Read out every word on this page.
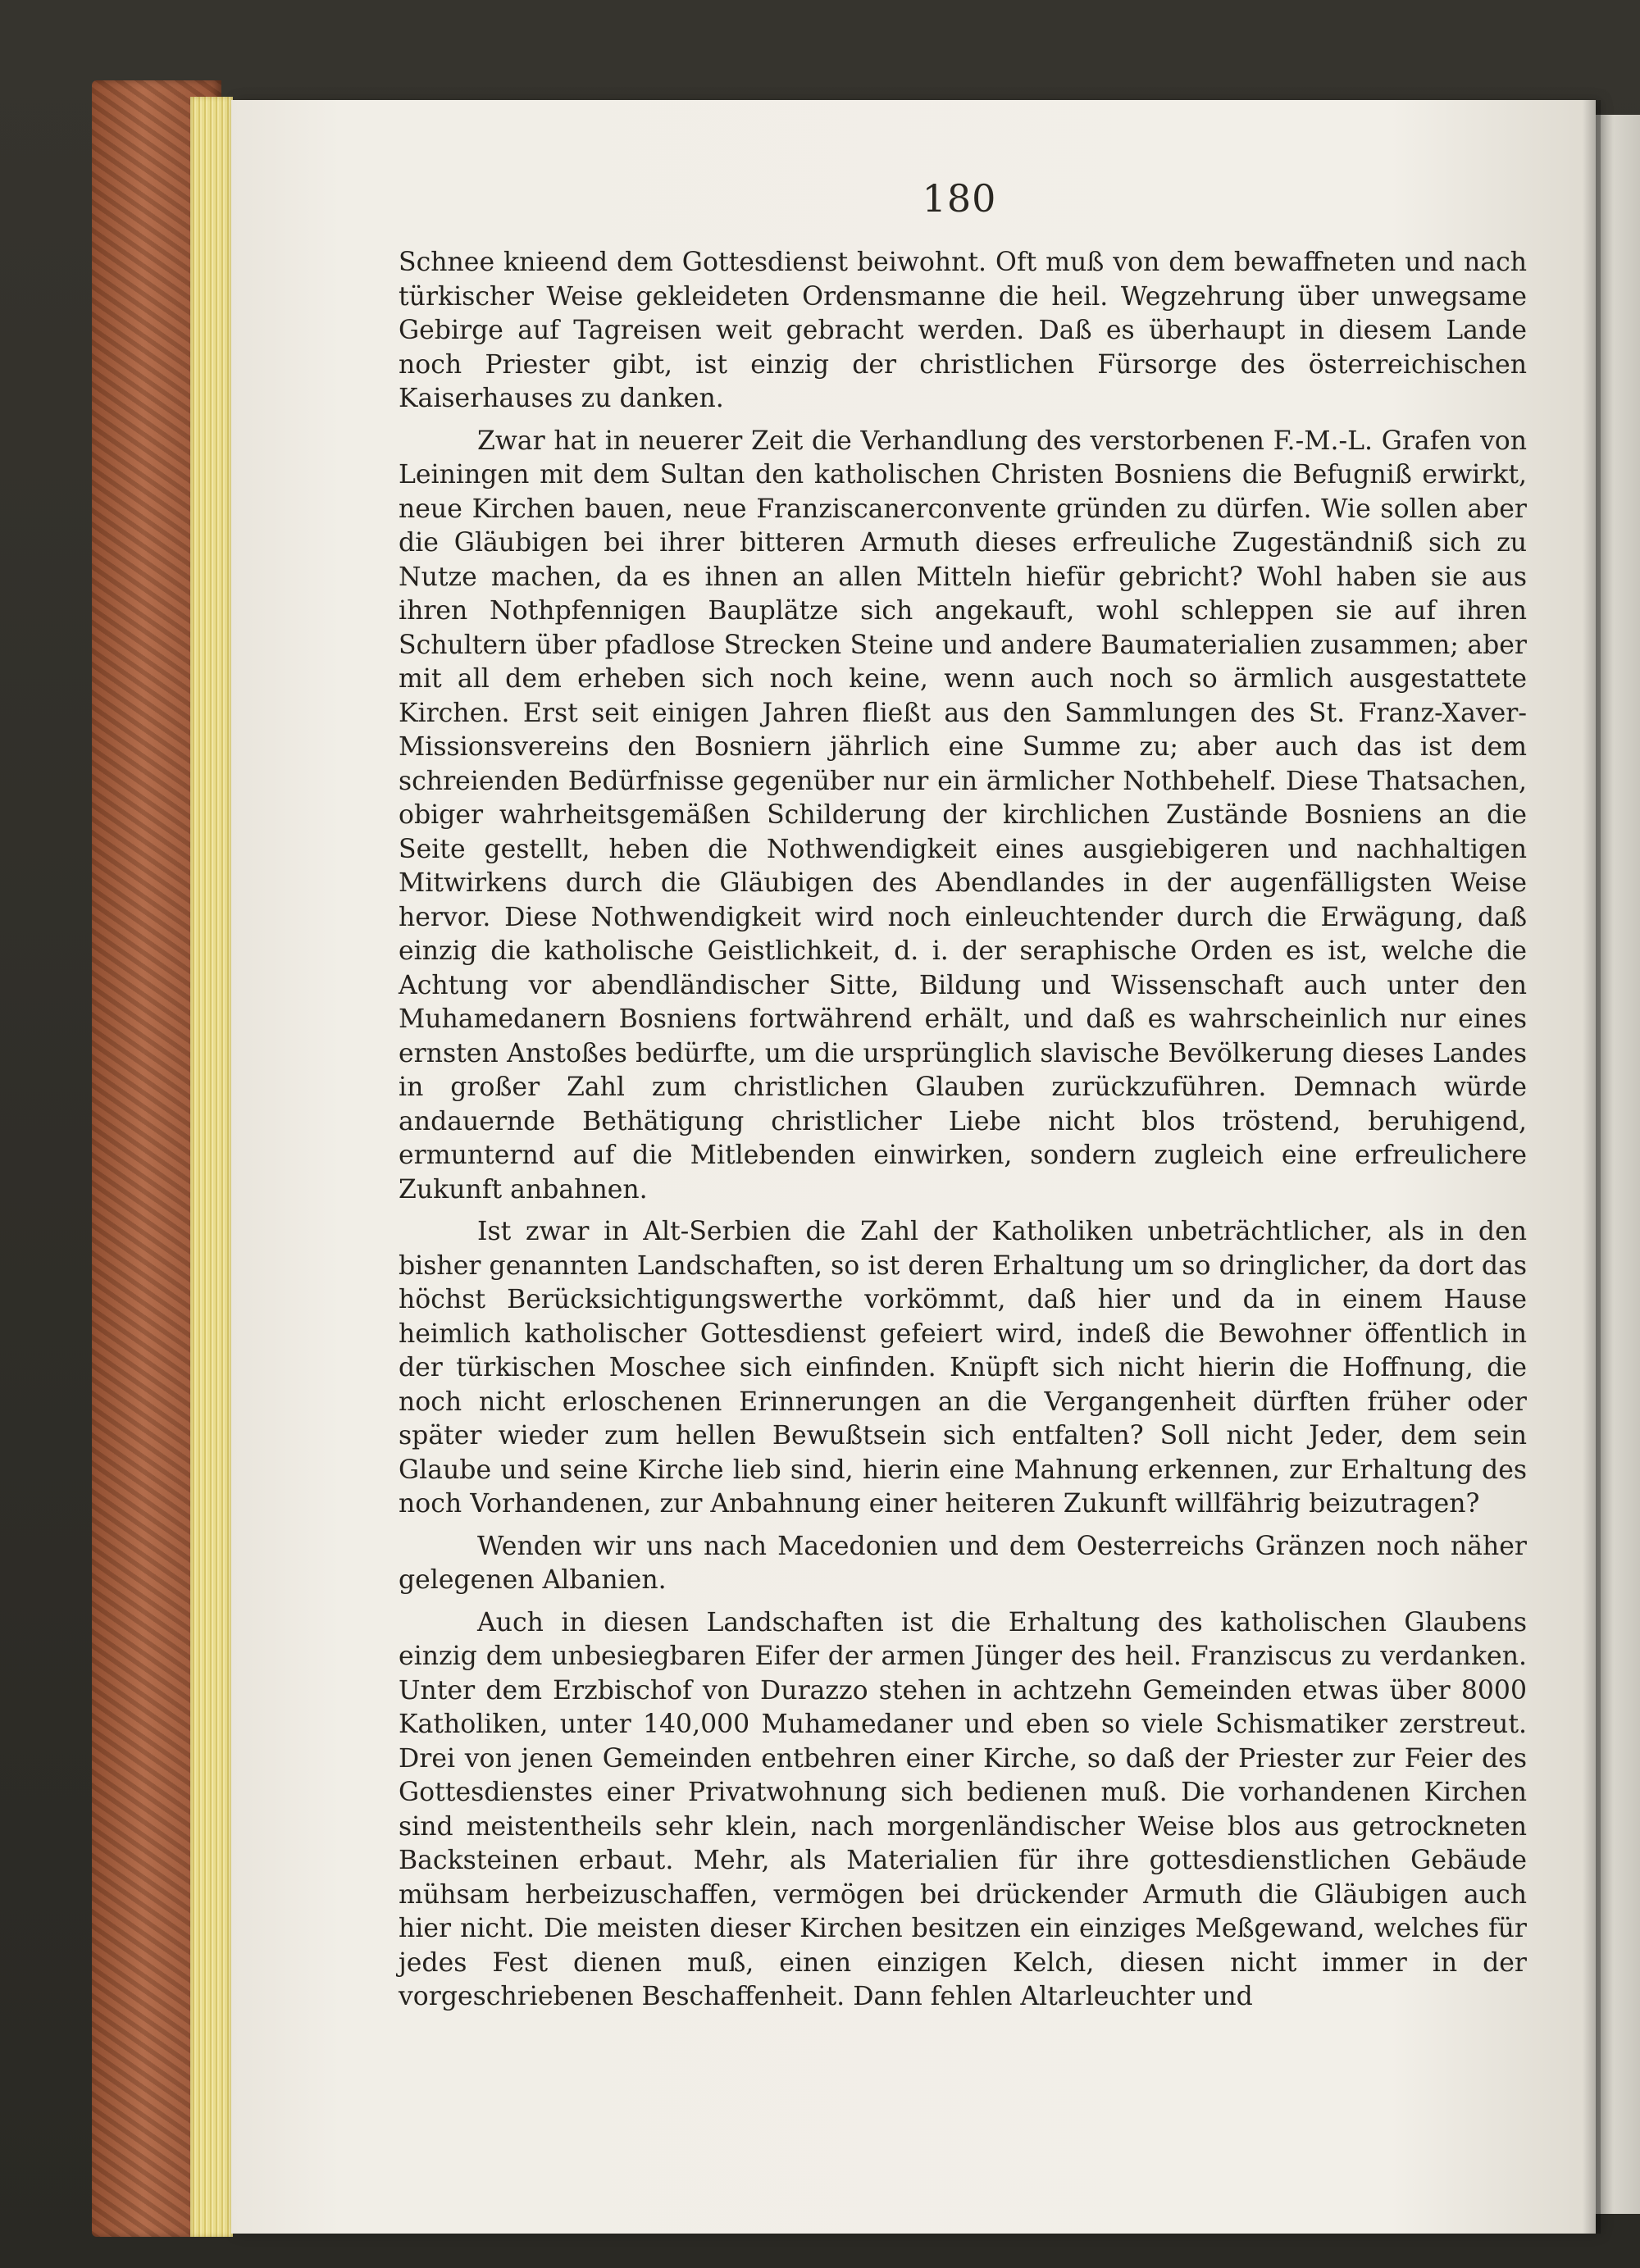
180

Schnee knieend dem Gottesdienst beiwohnt. Oft muß von dem bewaffneten und nach türkischer Weise gekleideten Ordensmanne die heil. Wegzehrung über unwegsame Gebirge auf Tagreisen weit gebracht werden. Daß es überhaupt in diesem Lande noch Priester gibt, ist einzig der christlichen Fürsorge des österreichischen Kaiserhauses zu danken.

Zwar hat in neuerer Zeit die Verhandlung des verstorbenen F.-M.-L. Grafen von Leiningen mit dem Sultan den katholischen Christen Bosniens die Befugniß erwirkt, neue Kirchen bauen, neue Franziscanerconvente gründen zu dürfen. Wie sollen aber die Gläubigen bei ihrer bitteren Armuth dieses erfreuliche Zugeständniß sich zu Nutze machen, da es ihnen an allen Mitteln hiefür gebricht? Wohl haben sie aus ihren Nothpfennigen Bauplätze sich angekauft, wohl schleppen sie auf ihren Schultern über pfadlose Strecken Steine und andere Baumaterialien zusammen; aber mit all dem erheben sich noch keine, wenn auch noch so ärmlich ausgestattete Kirchen. Erst seit einigen Jahren fließt aus den Sammlungen des St. Franz-Xaver-Missionsvereins den Bosniern jährlich eine Summe zu; aber auch das ist dem schreienden Bedürfnisse gegenüber nur ein ärmlicher Nothbehelf. Diese Thatsachen, obiger wahrheitsgemäßen Schilderung der kirchlichen Zustände Bosniens an die Seite gestellt, heben die Nothwendigkeit eines ausgiebigeren und nachhaltigen Mitwirkens durch die Gläubigen des Abendlandes in der augenfälligsten Weise hervor. Diese Nothwendigkeit wird noch einleuchtender durch die Erwägung, daß einzig die katholische Geistlichkeit, d. i. der seraphische Orden es ist, welche die Achtung vor abendländischer Sitte, Bildung und Wissenschaft auch unter den Muhamedanern Bosniens fortwährend erhält, und daß es wahrscheinlich nur eines ernsten Anstoßes bedürfte, um die ursprünglich slavische Bevölkerung dieses Landes in großer Zahl zum christlichen Glauben zurückzuführen. Demnach würde andauernde Bethätigung christlicher Liebe nicht blos tröstend, beruhigend, ermunternd auf die Mitlebenden einwirken, sondern zugleich eine erfreulichere Zukunft anbahnen.

Ist zwar in Alt-Serbien die Zahl der Katholiken unbeträchtlicher, als in den bisher genannten Landschaften, so ist deren Erhaltung um so dringlicher, da dort das höchst Berücksichtigungswerthe vorkömmt, daß hier und da in einem Hause heimlich katholischer Gottesdienst gefeiert wird, indeß die Bewohner öffentlich in der türkischen Moschee sich einfinden. Knüpft sich nicht hierin die Hoffnung, die noch nicht erloschenen Erinnerungen an die Vergangenheit dürften früher oder später wieder zum hellen Bewußtsein sich entfalten? Soll nicht Jeder, dem sein Glaube und seine Kirche lieb sind, hierin eine Mahnung erkennen, zur Erhaltung des noch Vorhandenen, zur Anbahnung einer heiteren Zukunft willfährig beizutragen?

Wenden wir uns nach Macedonien und dem Oesterreichs Gränzen noch näher gelegenen Albanien.

Auch in diesen Landschaften ist die Erhaltung des katholischen Glaubens einzig dem unbesiegbaren Eifer der armen Jünger des heil. Franziscus zu verdanken. Unter dem Erzbischof von Durazzo stehen in achtzehn Gemeinden etwas über 8000 Katholiken, unter 140,000 Muhamedaner und eben so viele Schismatiker zerstreut. Drei von jenen Gemeinden entbehren einer Kirche, so daß der Priester zur Feier des Gottesdienstes einer Privatwohnung sich bedienen muß. Die vorhandenen Kirchen sind meistentheils sehr klein, nach morgenländischer Weise blos aus getrockneten Backsteinen erbaut. Mehr, als Materialien für ihre gottesdienstlichen Gebäude mühsam herbeizuschaffen, vermögen bei drückender Armuth die Gläubigen auch hier nicht. Die meisten dieser Kirchen besitzen ein einziges Meßgewand, welches für jedes Fest dienen muß, einen einzigen Kelch, diesen nicht immer in der vorgeschriebenen Beschaffenheit. Dann fehlen Altarleuchter und
